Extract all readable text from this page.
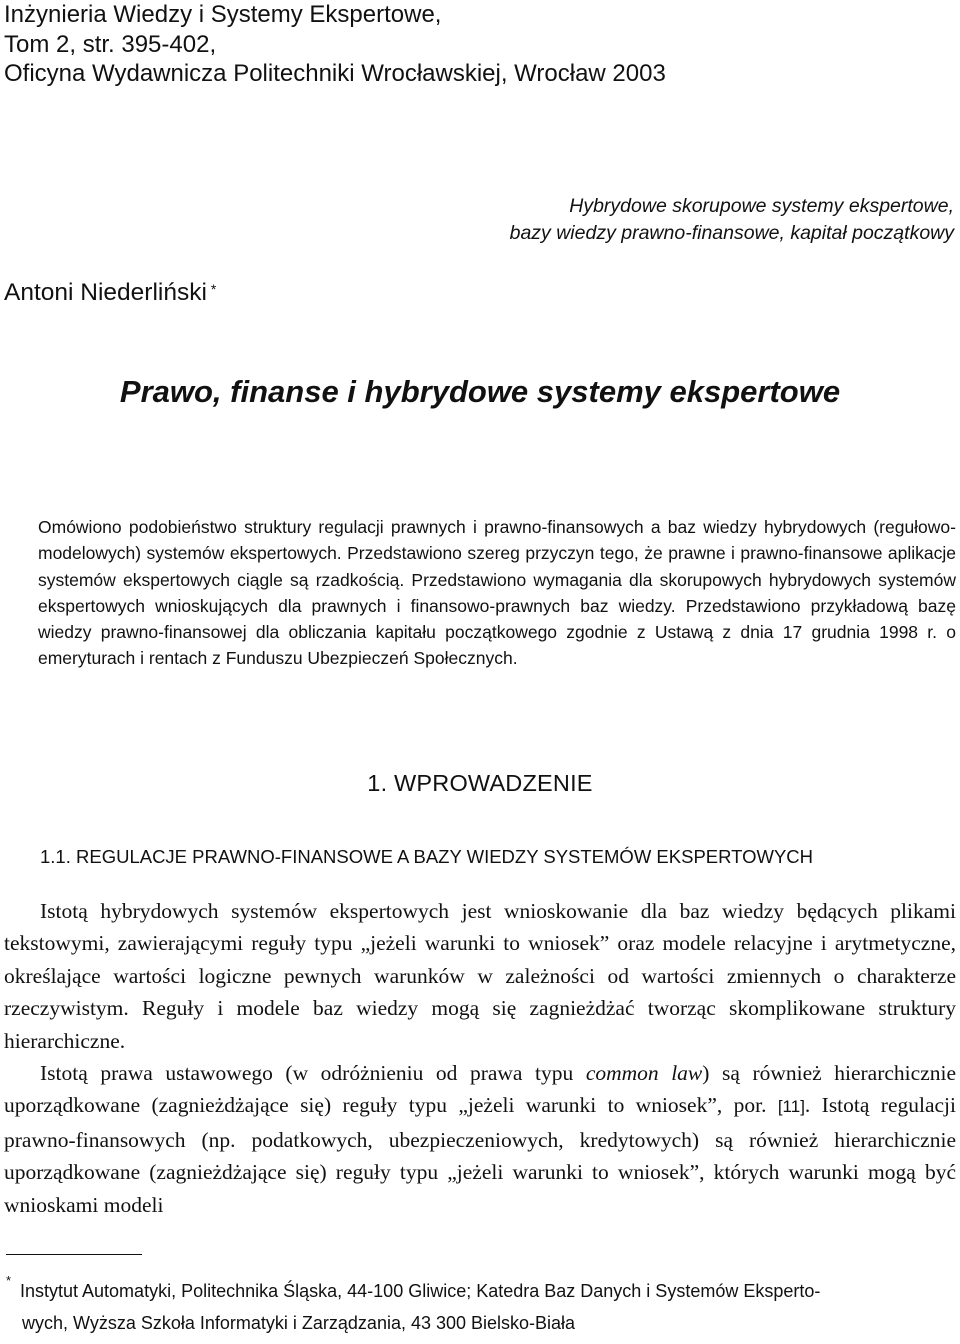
Inżynieria Wiedzy i Systemy Ekspertowe,
Tom 2, str. 395-402,
Oficyna Wydawnicza Politechniki Wrocławskiej, Wrocław 2003
Hybrydowe skorupowe systemy ekspertowe,
bazy wiedzy prawno-finansowe, kapitał początkowy
Antoni Niederliński *
Prawo, finanse i hybrydowe systemy ekspertowe

Omówiono podobieństwo struktury regulacji prawnych i prawno-finansowych a baz wiedzy hybrydowych (regułowo-modelowych) systemów ekspertowych. Przedstawiono szereg przyczyn tego, że prawne i prawno-finansowe aplikacje systemów ekspertowych ciągle są rzadkością. Przedstawiono wymagania dla skorupowych hybrydowych systemów ekspertowych wnioskujących dla prawnych i finansowo-prawnych baz wiedzy. Przedstawiono przykładową bazę wiedzy prawno-finansowej dla obliczania kapitału początkowego zgodnie z Ustawą z dnia 17 grudnia 1998 r. o emeryturach i rentach z Funduszu Ubezpieczeń Społecznych.

1. WPROWADZENIE
1.1. REGULACJE PRAWNO-FINANSOWE A BAZY WIEDZY SYSTEMÓW EKSPERTOWYCH

Istotą hybrydowych systemów ekspertowych jest wnioskowanie dla baz wiedzy będących plikami tekstowymi, zawierającymi reguły typu „jeżeli warunki to wniosek” oraz modele relacyjne i arytmetyczne, określające wartości logiczne pewnych warunków w zależności od wartości zmiennych o charakterze rzeczywistym. Reguły i modele baz wiedzy mogą się zagnieżdżać tworząc skomplikowane struktury hierarchiczne.

Istotą prawa ustawowego (w odróżnieniu od prawa typu common law) są również hierarchicznie uporządkowane (zagnieżdżające się) reguły typu „jeżeli warunki to wniosek”, por. [11]. Istotą regulacji prawno-finansowych (np. podatkowych, ubezpieczeniowych, kredytowych) są również hierarchicznie uporządkowane (zagnieżdżające się) reguły typu „jeżeli warunki to wniosek”, których warunki mogą być wnioskami modeli

*
Instytut Automatyki, Politechnika Śląska, 44-100 Gliwice; Katedra Baz Danych i Systemów Eksperto-
wych, Wyższa Szkoła Informatyki i Zarządzania, 43 300 Bielsko-Biała
